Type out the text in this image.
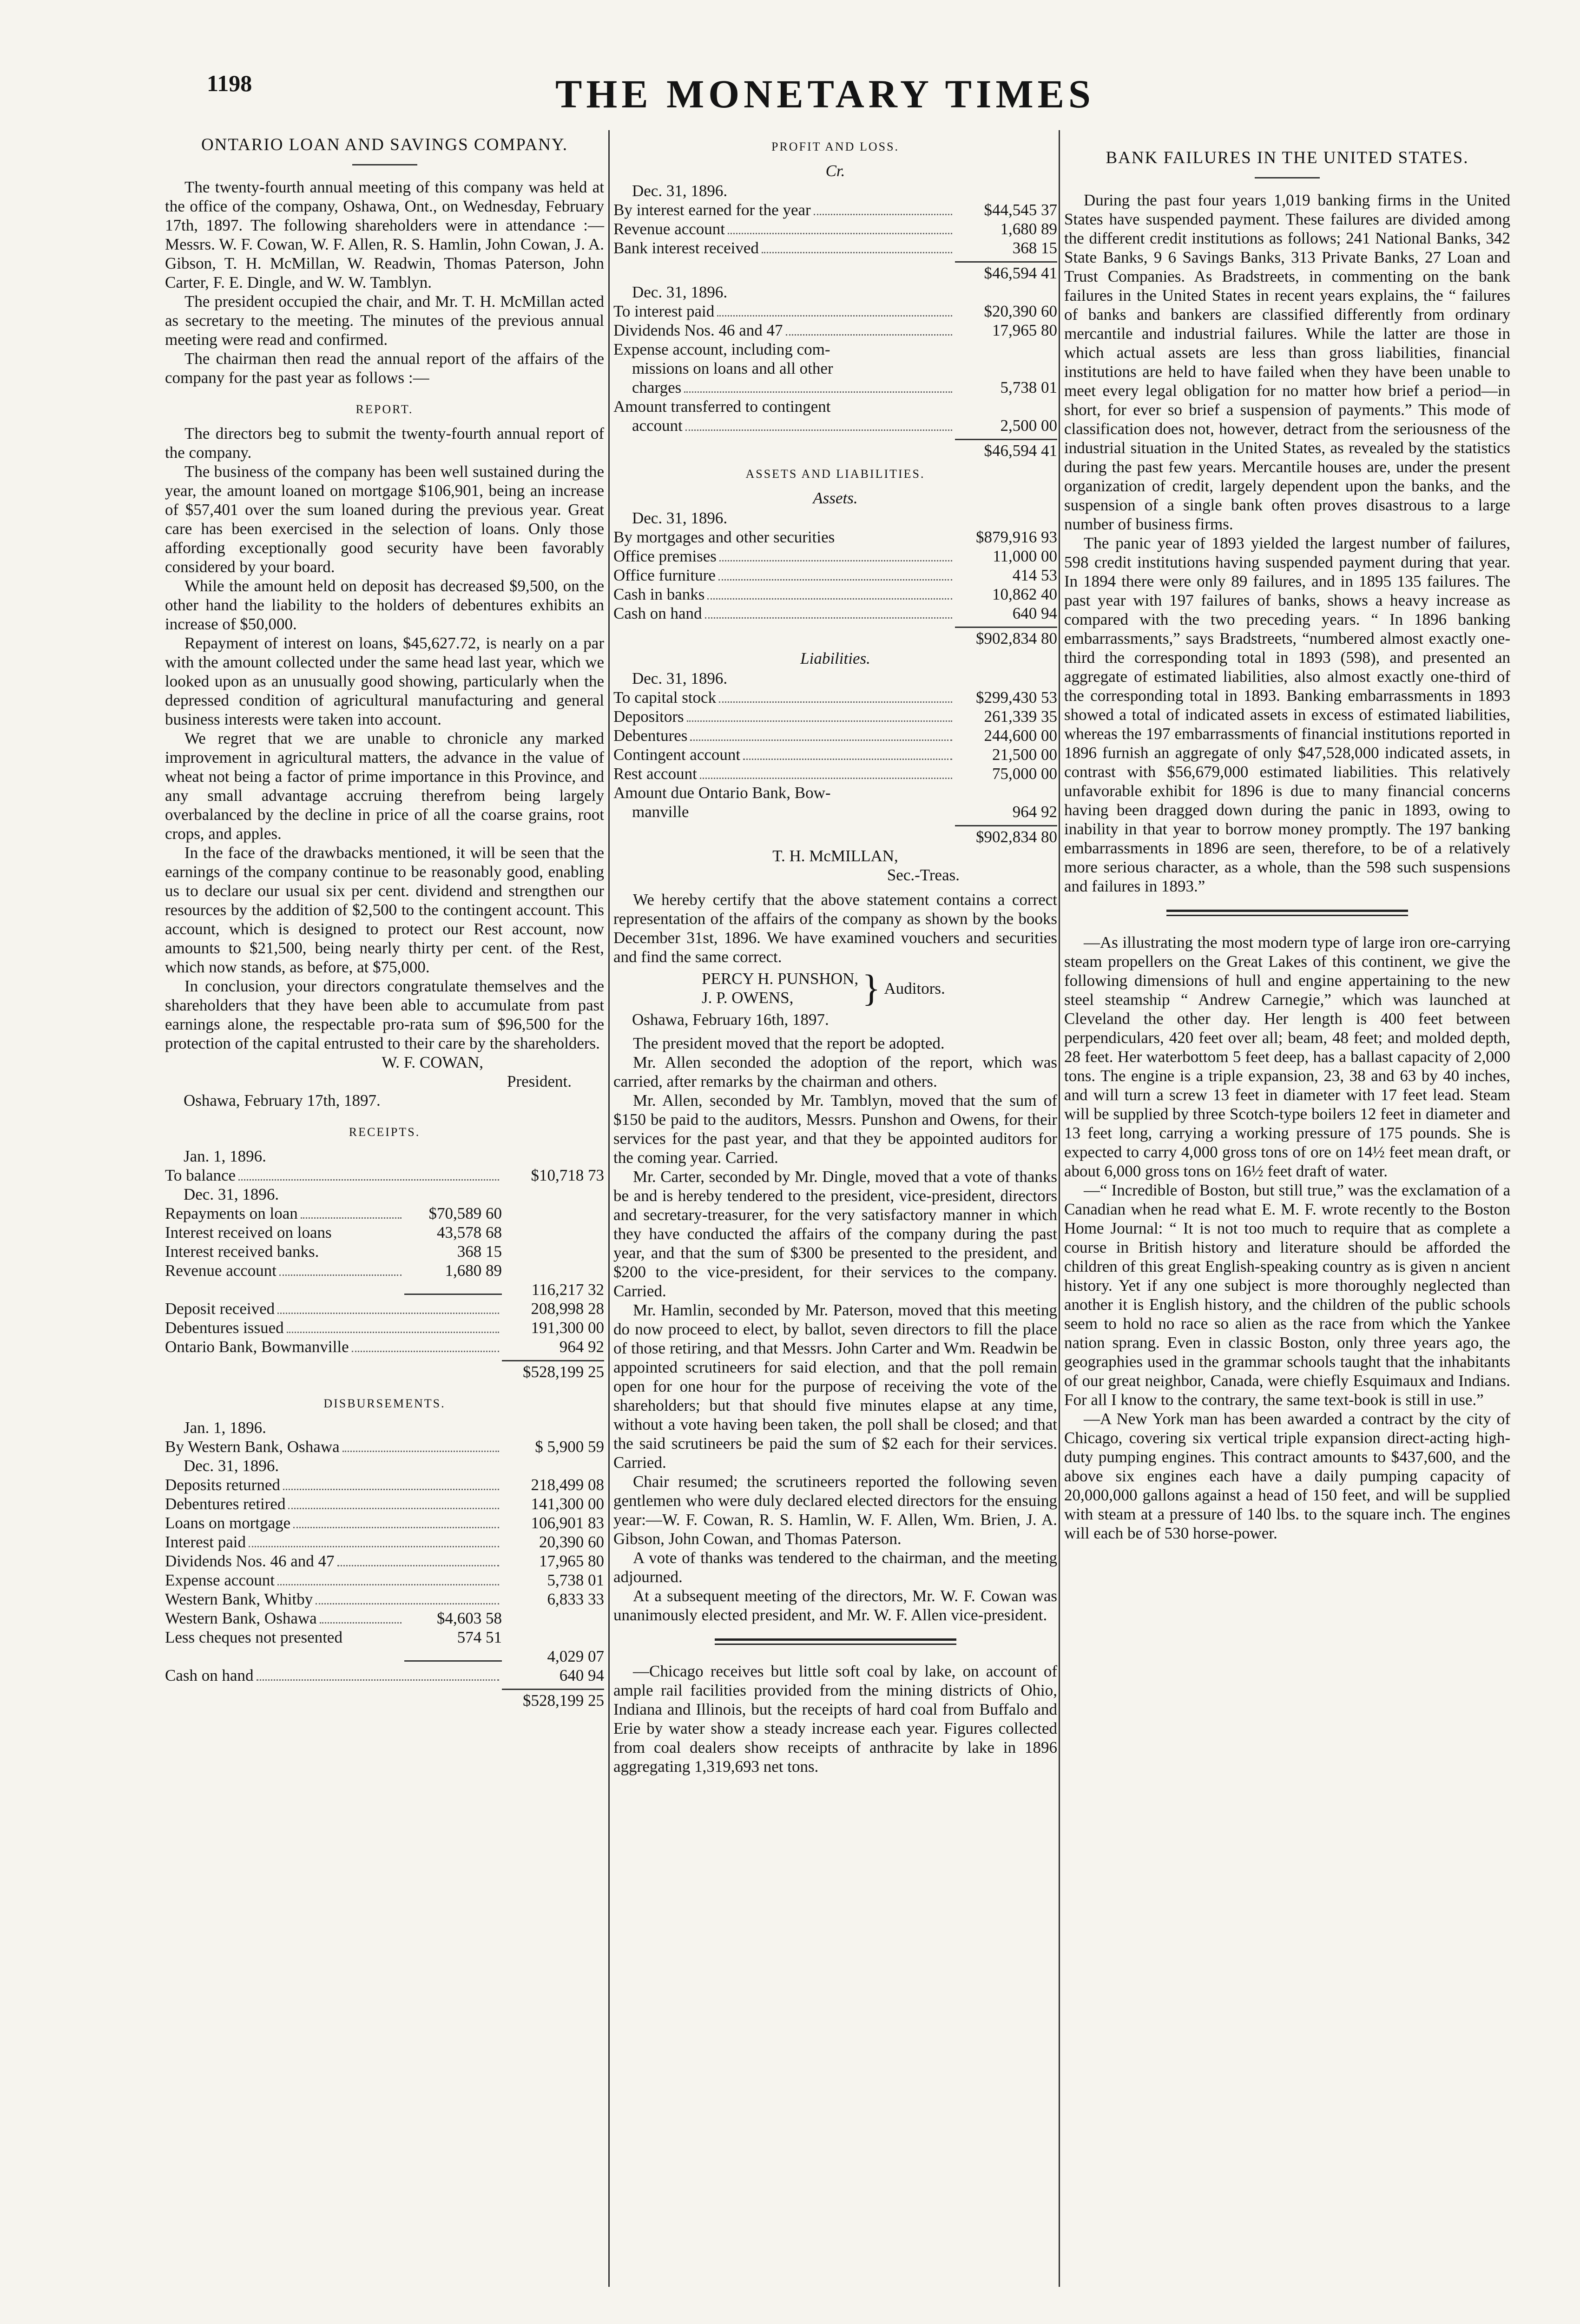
1198	THE MONETARY TIMES
ONTARIO LOAN AND SAVINGS COMPANY.

The twenty-fourth annual meeting of this company was held at the office of the company, Oshawa, Ont., on Wednesday, February 17th, 1897. The following shareholders were in attendance :—Messrs. W. F. Cowan, W. F. Allen, R. S. Hamlin, John Cowan, J. A. Gibson, T. H. McMillan, W. Readwin, Thomas Paterson, John Carter, F. E. Dingle, and W. W. Tamblyn.

The president occupied the chair, and Mr. T. H. McMillan acted as secretary to the meeting. The minutes of the previous annual meeting were read and confirmed.

The chairman then read the annual report of the affairs of the company for the past year as follows :—

REPORT.

The directors beg to submit the twenty-fourth annual report of the company.

The business of the company has been well sustained during the year, the amount loaned on mortgage $106,901, being an increase of $57,401 over the sum loaned during the previous year. Great care has been exercised in the selection of loans. Only those affording exceptionally good security have been favorably considered by your board.

While the amount held on deposit has decreased $9,500, on the other hand the liability to the holders of debentures exhibits an increase of $50,000.

Repayment of interest on loans, $45,627.72, is nearly on a par with the amount collected under the same head last year, which we looked upon as an unusually good showing, particularly when the depressed condition of agricultural manufacturing and general business interests were taken into account.

We regret that we are unable to chronicle any marked improvement in agricultural matters, the advance in the value of wheat not being a factor of prime importance in this Province, and any small advantage accruing therefrom being largely overbalanced by the decline in price of all the coarse grains, root crops, and apples.

In the face of the drawbacks mentioned, it will be seen that the earnings of the company continue to be reasonably good, enabling us to declare our usual six per cent. dividend and strengthen our resources by the addition of $2,500 to the contingent account. This account, which is designed to protect our Rest account, now amounts to $21,500, being nearly thirty per cent. of the Rest, which now stands, as before, at $75,000.

In conclusion, your directors congratulate themselves and the shareholders that they have been able to accumulate from past earnings alone, the respectable pro-rata sum of $96,500 for the protection of the capital entrusted to their care by the shareholders.

W. F. COWAN,
President.
Oshawa, February 17th, 1897.
RECEIPTS.
Jan. 1, 1896.
To balance	$10,718 73
Dec. 31, 1896.
Repayments on loan	$70,589 60
Interest received on loans	43,578 68
Interest received banks.	368 15
Revenue account	1,680 89
116,217 32
Deposit received	208,998 28
Debentures issued	191,300 00
Ontario Bank, Bowmanville	964 92
$528,199 25
DISBURSEMENTS.
Jan. 1, 1896.
By Western Bank, Oshawa	$ 5,900 59
Dec. 31, 1896.
Deposits returned	218,499 08
Debentures retired	141,300 00
Loans on mortgage	106,901 83
Interest paid	20,390 60
Dividends Nos. 46 and 47	17,965 80
Expense account	5,738 01
Western Bank, Whitby	6,833 33
Western Bank, Oshawa	$4,603 58
Less cheques not presented	574 51
4,029 07
Cash on hand	640 94
$528,199 25
PROFIT AND LOSS.
Cr.
Dec. 31, 1896.
By interest earned for the year	$44,545 37
Revenue account	1,680 89
Bank interest received	368 15
$46,594 41
Dec. 31, 1896.
To interest paid	$20,390 60
Dividends Nos. 46 and 47	17,965 80
Expense account, including com-
missions on loans and all other
charges	5,738 01
Amount transferred to contingent
account	2,500 00
$46,594 41
ASSETS AND LIABILITIES.
Assets.
Dec. 31, 1896.
By mortgages and other securities	$879,916 93
Office premises	11,000 00
Office furniture	414 53
Cash in banks	10,862 40
Cash on hand	640 94
$902,834 80
Liabilities.
Dec. 31, 1896.
To capital stock	$299,430 53
Depositors	261,339 35
Debentures	244,600 00
Contingent account	21,500 00
Rest account	75,000 00
Amount due Ontario Bank, Bow-
manville	964 92
$902,834 80
T. H. McMILLAN,
Sec.-Treas.

We hereby certify that the above statement contains a correct representation of the affairs of the company as shown by the books December 31st, 1896. We have examined vouchers and securities and find the same correct.

PERCY H. PUNSHON,
J. P. OWENS,	} Auditors.
Oshawa, February 16th, 1897.

The president moved that the report be adopted.

Mr. Allen seconded the adoption of the report, which was carried, after remarks by the chairman and others.

Mr. Allen, seconded by Mr. Tamblyn, moved that the sum of $150 be paid to the auditors, Messrs. Punshon and Owens, for their services for the past year, and that they be appointed auditors for the coming year. Carried.

Mr. Carter, seconded by Mr. Dingle, moved that a vote of thanks be and is hereby tendered to the president, vice-president, directors and secretary-treasurer, for the very satisfactory manner in which they have conducted the affairs of the company during the past year, and that the sum of $300 be presented to the president, and $200 to the vice-president, for their services to the company. Carried.

Mr. Hamlin, seconded by Mr. Paterson, moved that this meeting do now proceed to elect, by ballot, seven directors to fill the place of those retiring, and that Messrs. John Carter and Wm. Readwin be appointed scrutineers for said election, and that the poll remain open for one hour for the purpose of receiving the vote of the shareholders; but that should five minutes elapse at any time, without a vote having been taken, the poll shall be closed; and that the said scrutineers be paid the sum of $2 each for their services. Carried.

Chair resumed; the scrutineers reported the following seven gentlemen who were duly declared elected directors for the ensuing year:—W. F. Cowan, R. S. Hamlin, W. F. Allen, Wm. Brien, J. A. Gibson, John Cowan, and Thomas Paterson.

A vote of thanks was tendered to the chairman, and the meeting adjourned.

At a subsequent meeting of the directors, Mr. W. F. Cowan was unanimously elected president, and Mr. W. F. Allen vice-president.

—Chicago receives but little soft coal by lake, on account of ample rail facilities provided from the mining districts of Ohio, Indiana and Illinois, but the receipts of hard coal from Buffalo and Erie by water show a steady increase each year. Figures collected from coal dealers show receipts of anthracite by lake in 1896 aggregating 1,319,693 net tons.

BANK FAILURES IN THE UNITED STATES.

During the past four years 1,019 banking firms in the United States have suspended payment. These failures are divided among the different credit institutions as follows; 241 National Banks, 342 State Banks, 9 6 Savings Banks, 313 Private Banks, 27 Loan and Trust Companies. As Bradstreets, in commenting on the bank failures in the United States in recent years explains, the “ failures of banks and bankers are classified differently from ordinary mercantile and industrial failures. While the latter are those in which actual assets are less than gross liabilities, financial institutions are held to have failed when they have been unable to meet every legal obligation for no matter how brief a period—in short, for ever so brief a suspension of payments.” This mode of classification does not, however, detract from the seriousness of the industrial situation in the United States, as revealed by the statistics during the past few years. Mercantile houses are, under the present organization of credit, largely dependent upon the banks, and the suspension of a single bank often proves disastrous to a large number of business firms.

The panic year of 1893 yielded the largest number of failures, 598 credit institutions having suspended payment during that year. In 1894 there were only 89 failures, and in 1895 135 failures. The past year with 197 failures of banks, shows a heavy increase as compared with the two preceding years. “ In 1896 banking embarrassments,” says Bradstreets, “numbered almost exactly one-third the corresponding total in 1893 (598), and presented an aggregate of estimated liabilities, also almost exactly one-third of the corresponding total in 1893. Banking embarrassments in 1893 showed a total of indicated assets in excess of estimated liabilities, whereas the 197 embarrassments of financial institutions reported in 1896 furnish an aggregate of only $47,528,000 indicated assets, in contrast with $56,679,000 estimated liabilities. This relatively unfavorable exhibit for 1896 is due to many financial concerns having been dragged down during the panic in 1893, owing to inability in that year to borrow money promptly. The 197 banking embarrassments in 1896 are seen, therefore, to be of a relatively more serious character, as a whole, than the 598 such suspensions and failures in 1893.”

—As illustrating the most modern type of large iron ore-carrying steam propellers on the Great Lakes of this continent, we give the following dimensions of hull and engine appertaining to the new steel steamship “ Andrew Carnegie,” which was launched at Cleveland the other day. Her length is 400 feet between perpendiculars, 420 feet over all; beam, 48 feet; and molded depth, 28 feet. Her waterbottom 5 feet deep, has a ballast capacity of 2,000 tons. The engine is a triple expansion, 23, 38 and 63 by 40 inches, and will turn a screw 13 feet in diameter with 17 feet lead. Steam will be supplied by three Scotch-type boilers 12 feet in diameter and 13 feet long, carrying a working pressure of 175 pounds. She is expected to carry 4,000 gross tons of ore on 14½ feet mean draft, or about 6,000 gross tons on 16½ feet draft of water.

—“ Incredible of Boston, but still true,” was the exclamation of a Canadian when he read what E. M. F. wrote recently to the Boston Home Journal: “ It is not too much to require that as complete a course in British history and literature should be afforded the children of this great English-speaking country as is given n ancient history. Yet if any one subject is more thoroughly neglected than another it is English history, and the children of the public schools seem to hold no race so alien as the race from which the Yankee nation sprang. Even in classic Boston, only three years ago, the geographies used in the grammar schools taught that the inhabitants of our great neighbor, Canada, were chiefly Esquimaux and Indians. For all I know to the contrary, the same text-book is still in use.”

—A New York man has been awarded a contract by the city of Chicago, covering six vertical triple expansion direct-acting high-duty pumping engines. This contract amounts to $437,600, and the above six engines each have a daily pumping capacity of 20,000,000 gallons against a head of 150 feet, and will be supplied with steam at a pressure of 140 lbs. to the square inch. The engines will each be of 530 horse-power.
